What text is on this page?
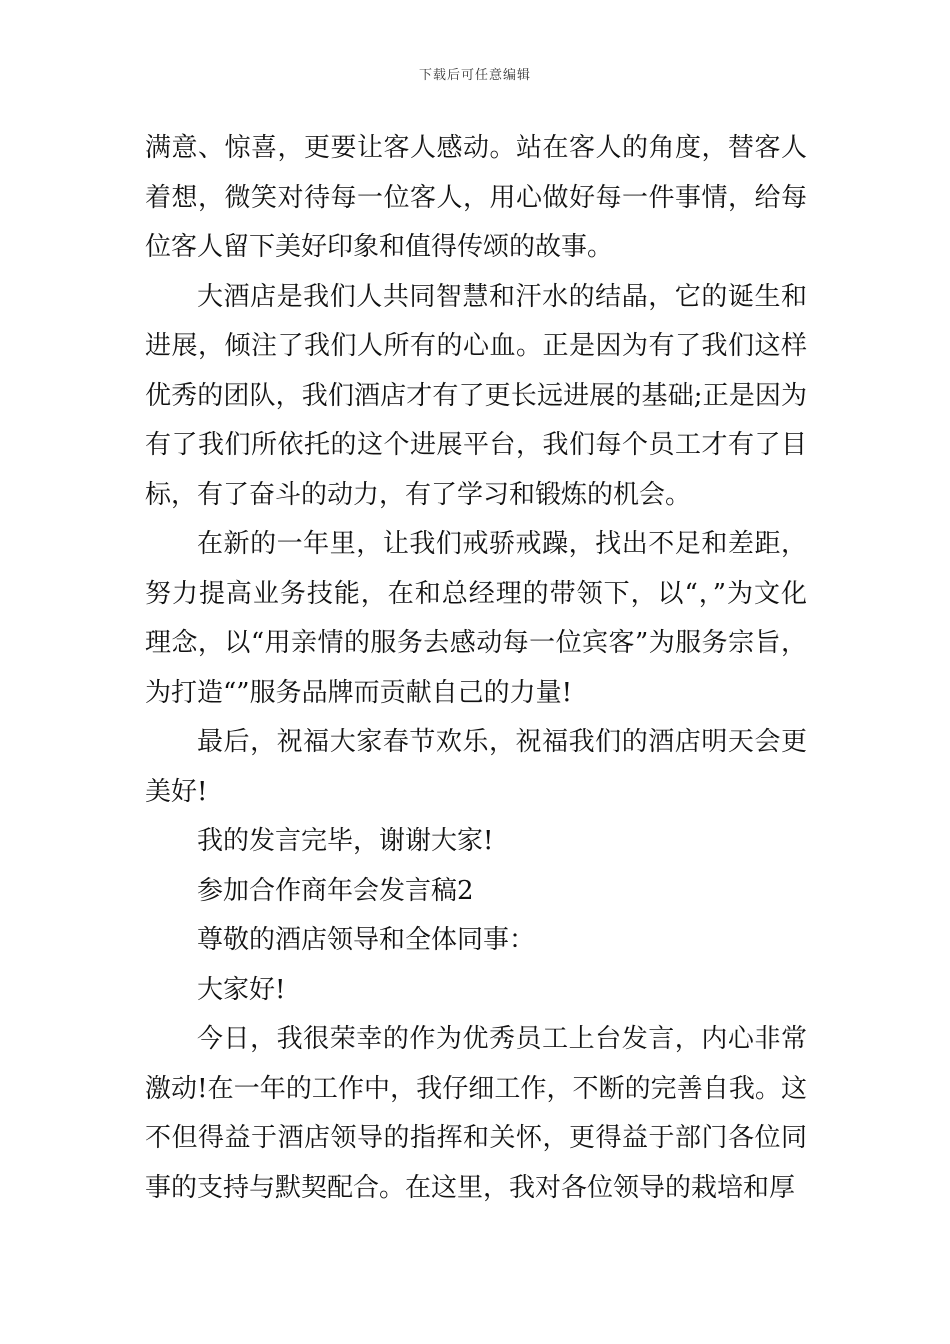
下载后可任意编辑

满意、惊喜，更要让客人感动。站在客人的角度，替客人着想，微笑对待每一位客人，用心做好每一件事情，给每位客人留下美好印象和值得传颂的故事。

大酒店是我们人共同智慧和汗水的结晶，它的诞生和进展，倾注了我们人所有的心血。正是因为有了我们这样优秀的团队，我们酒店才有了更长远进展的基础;正是因为有了我们所依托的这个进展平台，我们每个员工才有了目标，有了奋斗的动力，有了学习和锻炼的机会。

在新的一年里，让我们戒骄戒躁，找出不足和差距，努力提高业务技能，在和总经理的带领下，以“，”为文化理念，以“用亲情的服务去感动每一位宾客”为服务宗旨，为打造“”服务品牌而贡献自己的力量!

最后，祝福大家春节欢乐，祝福我们的酒店明天会更美好!

我的发言完毕，谢谢大家!

参加合作商年会发言稿2

尊敬的酒店领导和全体同事：

大家好!

今日，我很荣幸的作为优秀员工上台发言，内心非常激动!在一年的工作中，我仔细工作，不断的完善自我。这不但得益于酒店领导的指挥和关怀，更得益于部门各位同事的支持与默契配合。在这里，我对各位领导的栽培和厚
